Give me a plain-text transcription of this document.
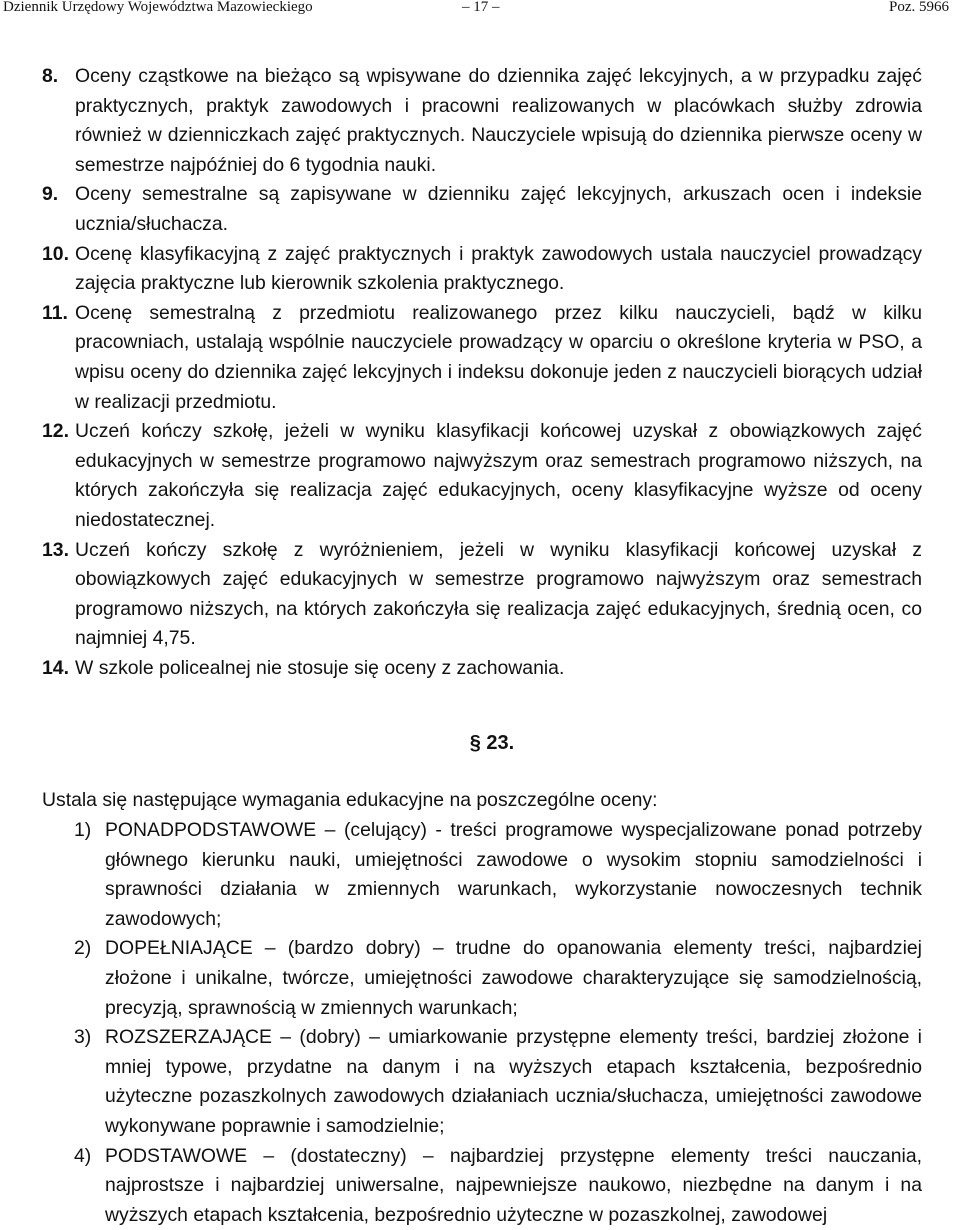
Dziennik Urzędowy Województwa Mazowieckiego	– 17 –	Poz. 5966
8. Oceny cząstkowe na bieżąco są wpisywane do dziennika zajęć lekcyjnych, a w przypadku zajęć praktycznych, praktyk zawodowych i pracowni realizowanych w placówkach służby zdrowia również w dzienniczkach zajęć praktycznych. Nauczyciele wpisują do dziennika pierwsze oceny w semestrze najpóźniej do 6 tygodnia nauki.
9. Oceny semestralne są zapisywane w dzienniku zajęć lekcyjnych, arkuszach ocen i indeksie ucznia/słuchacza.
10. Ocenę klasyfikacyjną z zajęć praktycznych i praktyk zawodowych ustala nauczyciel prowadzący zajęcia praktyczne lub kierownik szkolenia praktycznego.
11. Ocenę semestralną z przedmiotu realizowanego przez kilku nauczycieli, bądź w kilku pracowniach, ustalają wspólnie nauczyciele prowadzący w oparciu o określone kryteria w PSO, a wpisu oceny do dziennika zajęć lekcyjnych i indeksu dokonuje jeden z nauczycieli biorących udział w realizacji przedmiotu.
12. Uczeń kończy szkołę, jeżeli w wyniku klasyfikacji końcowej uzyskał z obowiązkowych zajęć edukacyjnych w semestrze programowo najwyższym oraz semestrach programowo niższych, na których zakończyła się realizacja zajęć edukacyjnych, oceny klasyfikacyjne wyższe od oceny niedostatecznej.
13. Uczeń kończy szkołę z wyróżnieniem, jeżeli w wyniku klasyfikacji końcowej uzyskał z obowiązkowych zajęć edukacyjnych w semestrze programowo najwyższym oraz semestrach programowo niższych, na których zakończyła się realizacja zajęć edukacyjnych, średnią ocen, co najmniej 4,75.
14. W szkole policealnej nie stosuje się oceny z zachowania.
§ 23.
Ustala się następujące wymagania edukacyjne na poszczególne oceny:
1) PONADPODSTAWOWE – (celujący) - treści programowe wyspecjalizowane ponad potrzeby głównego kierunku nauki, umiejętności zawodowe o wysokim stopniu samodzielności i sprawności działania w zmiennych warunkach, wykorzystanie nowoczesnych technik zawodowych;
2) DOPEŁNIAJĄCE – (bardzo dobry) – trudne do opanowania elementy treści, najbardziej złożone i unikalne, twórcze, umiejętności zawodowe charakteryzujące się samodzielnością, precyzją, sprawnością w zmiennych warunkach;
3) ROZSZERZAJĄCE – (dobry) – umiarkowanie przystępne elementy treści, bardziej złożone i mniej typowe, przydatne na danym i na wyższych etapach kształcenia, bezpośrednio użyteczne pozaszkolnych zawodowych działaniach ucznia/słuchacza, umiejętności zawodowe wykonywane poprawnie i samodzielnie;
4) PODSTAWOWE – (dostateczny) – najbardziej przystępne elementy treści nauczania, najprostsze i najbardziej uniwersalne, najpewniejsze naukowo, niezbędne na danym i na wyższych etapach kształcenia, bezpośrednio użyteczne w pozaszkolnej, zawodowej
